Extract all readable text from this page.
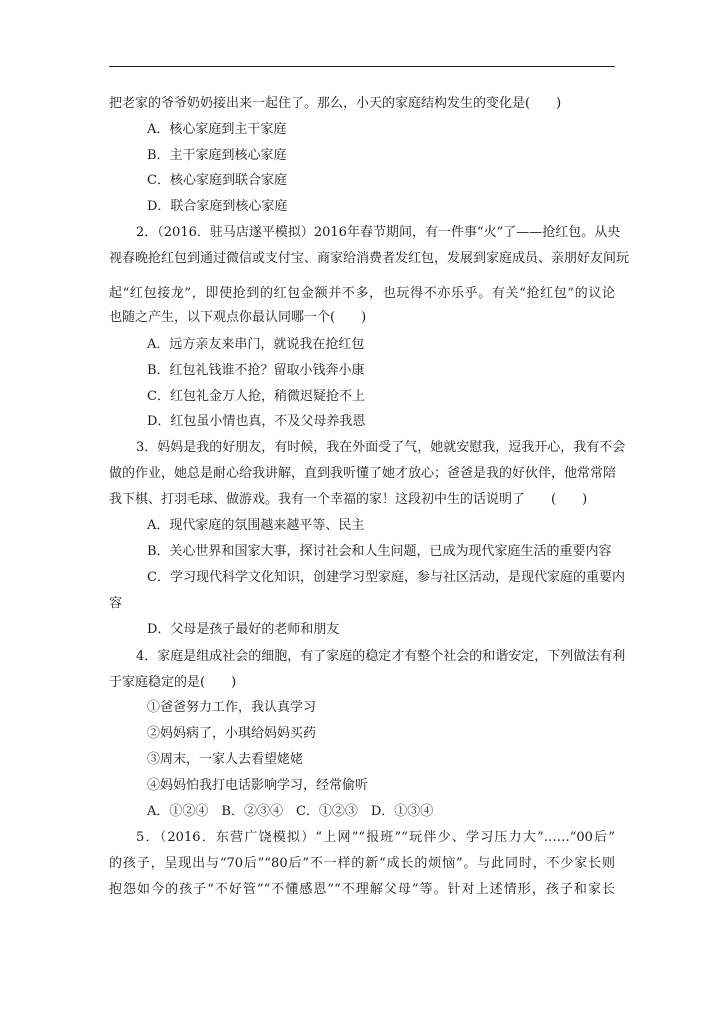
把老家的爷爷奶奶接出来一起住了。那么，小天的家庭结构发生的变化是(　　)
A．核心家庭到主干家庭
B．主干家庭到核心家庭
C．核心家庭到联合家庭
D．联合家庭到核心家庭
2．（2016．驻马店遂平模拟）2016年春节期间，有一件事“火”了——抢红包。从央
视春晚抢红包到通过微信或支付宝、商家给消费者发红包，发展到家庭成员、亲朋好友间玩
起“红包接龙”，即使抢到的红包金额并不多，也玩得不亦乐乎。有关“抢红包”的议论
也随之产生，以下观点你最认同哪一个(　　)
A．远方亲友来串门，就说我在抢红包
B．红包礼钱谁不抢？留取小钱奔小康
C．红包礼金万人抢，稍微迟疑抢不上
D．红包虽小情也真，不及父母养我恩
3．妈妈是我的好朋友，有时候，我在外面受了气，她就安慰我，逗我开心，我有不会
做的作业，她总是耐心给我讲解，直到我听懂了她才放心；爸爸是我的好伙伴，他常常陪
我下棋、打羽毛球、做游戏。我有一个幸福的家！这段初中生的话说明了　　(　　)
A．现代家庭的氛围越来越平等、民主
B．关心世界和国家大事，探讨社会和人生问题，已成为现代家庭生活的重要内容
C．学习现代科学文化知识，创建学习型家庭，参与社区活动，是现代家庭的重要内
容
D．父母是孩子最好的老师和朋友
4．家庭是组成社会的细胞，有了家庭的稳定才有整个社会的和谐安定，下列做法有利
于家庭稳定的是(　　)
①爸爸努力工作，我认真学习
②妈妈病了，小琪给妈妈买药
③周末，一家人去看望姥姥
④妈妈怕我打电话影响学习，经常偷听
A．①②④　B．②③④　C．①②③　D．①③④
5．（2016．东营广饶模拟）“上网”“报班”“玩伴少、学习压力大”……“00后”
的孩子，呈现出与“70后”“80后”不一样的新“成长的烦恼”。与此同时，不少家长则
抱怨如今的孩子“不好管”“不懂感恩”“不理解父母”等。针对上述情形，孩子和家长
